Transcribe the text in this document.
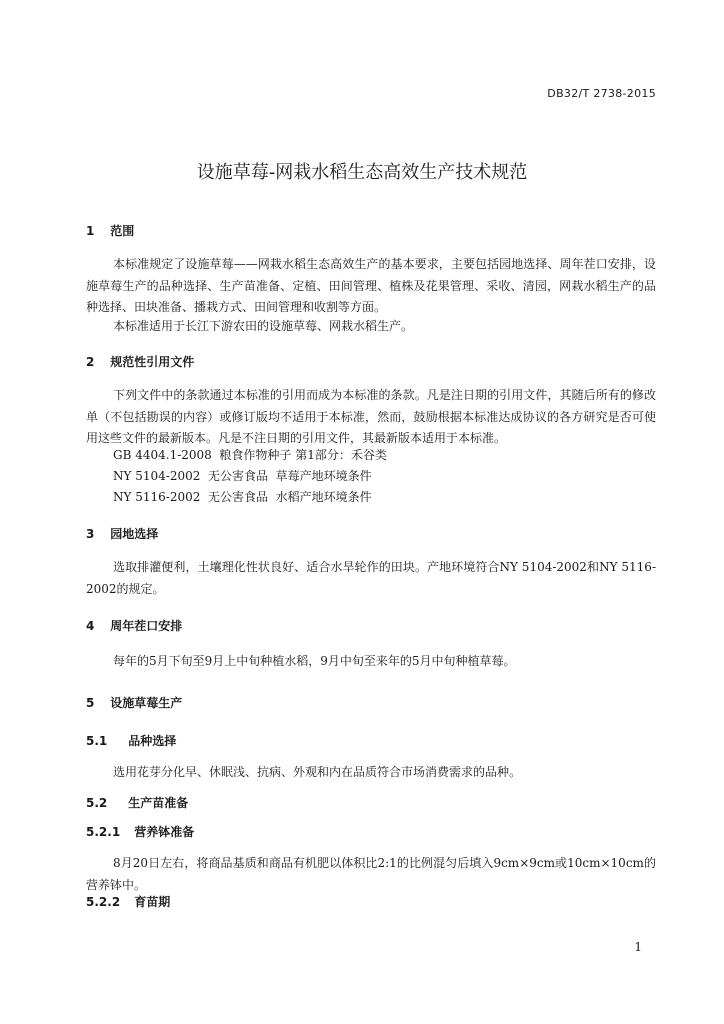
DB32/T 2738-2015
设施草莓-网栽水稻生态高效生产技术规范
1 范围

本标准规定了设施草莓——网栽水稻生态高效生产的基本要求，主要包括园地选择、周年茬口安排，设施草莓生产的品种选择、生产苗准备、定植、田间管理、植株及花果管理、采收、清园，网栽水稻生产的品种选择、田块准备、播栽方式、田间管理和收割等方面。

本标准适用于长江下游农田的设施草莓、网栽水稻生产。

2 规范性引用文件

下列文件中的条款通过本标准的引用而成为本标准的条款。凡是注日期的引用文件，其随后所有的修改单（不包括勘误的内容）或修订版均不适用于本标准，然而，鼓励根据本标准达成协议的各方研究是否可使用这些文件的最新版本。凡是不注日期的引用文件，其最新版本适用于本标准。

GB 4404.1-2008  粮食作物种子 第1部分：禾谷类
NY 5104-2002  无公害食品  草莓产地环境条件
NY 5116-2002  无公害食品  水稻产地环境条件
3 园地选择

选取排灌便利，土壤理化性状良好、适合水旱轮作的田块。产地环境符合NY 5104-2002和NY 5116-2002的规定。

4 周年茬口安排

每年的5月下旬至9月上中旬种植水稻，9月中旬至来年的5月中旬种植草莓。

5 设施草莓生产
5.1 品种选择

选用花芽分化早、休眠浅、抗病、外观和内在品质符合市场消费需求的品种。

5.2 生产苗准备
5.2.1 营养钵准备

8月20日左右，将商品基质和商品有机肥以体积比2:1的比例混匀后填入9cm×9cm或10cm×10cm的营养钵中。

5.2.2 育苗期
1
